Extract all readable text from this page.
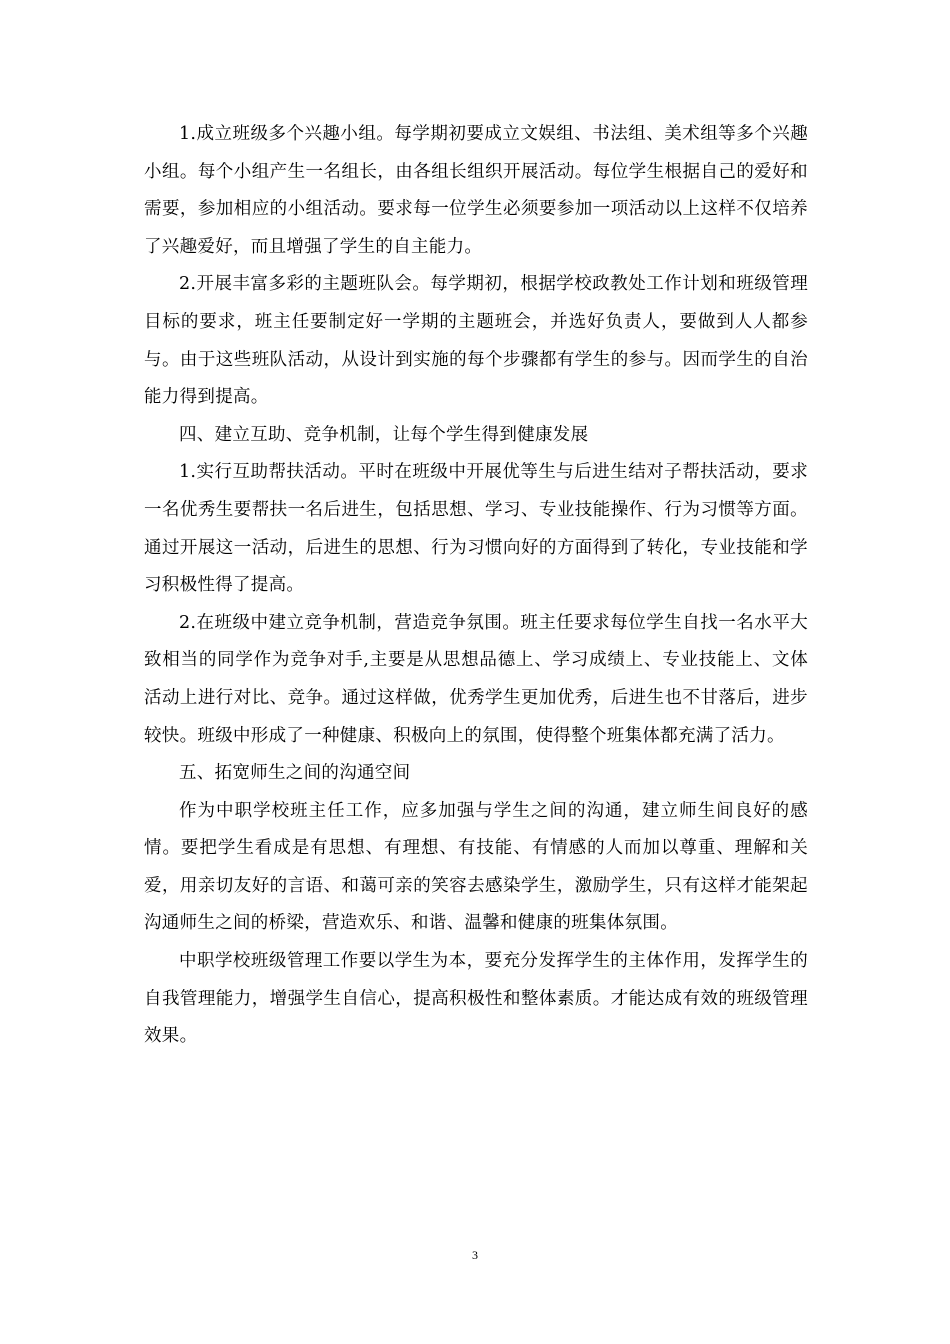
1.成立班级多个兴趣小组。每学期初要成立文娱组、书法组、美术组等多个兴趣小组。每个小组产生一名组长，由各组长组织开展活动。每位学生根据自己的爱好和需要，参加相应的小组活动。要求每一位学生必须要参加一项活动以上这样不仅培养了兴趣爱好，而且增强了学生的自主能力。

2.开展丰富多彩的主题班队会。每学期初，根据学校政教处工作计划和班级管理目标的要求，班主任要制定好一学期的主题班会，并选好负责人，要做到人人都参与。由于这些班队活动，从设计到实施的每个步骤都有学生的参与。因而学生的自治能力得到提高。

四、建立互助、竞争机制，让每个学生得到健康发展

1.实行互助帮扶活动。平时在班级中开展优等生与后进生结对子帮扶活动，要求一名优秀生要帮扶一名后进生，包括思想、学习、专业技能操作、行为习惯等方面。通过开展这一活动，后进生的思想、行为习惯向好的方面得到了转化，专业技能和学习积极性得了提高。

2.在班级中建立竞争机制，营造竞争氛围。班主任要求每位学生自找一名水平大致相当的同学作为竞争对手,主要是从思想品德上、学习成绩上、专业技能上、文体活动上进行对比、竞争。通过这样做，优秀学生更加优秀，后进生也不甘落后，进步较快。班级中形成了一种健康、积极向上的氛围，使得整个班集体都充满了活力。

五、拓宽师生之间的沟通空间

作为中职学校班主任工作，应多加强与学生之间的沟通，建立师生间良好的感情。要把学生看成是有思想、有理想、有技能、有情感的人而加以尊重、理解和关爱，用亲切友好的言语、和蔼可亲的笑容去感染学生，激励学生，只有这样才能架起沟通师生之间的桥梁，营造欢乐、和谐、温馨和健康的班集体氛围。

中职学校班级管理工作要以学生为本，要充分发挥学生的主体作用，发挥学生的自我管理能力，增强学生自信心，提高积极性和整体素质。才能达成有效的班级管理效果。

3
